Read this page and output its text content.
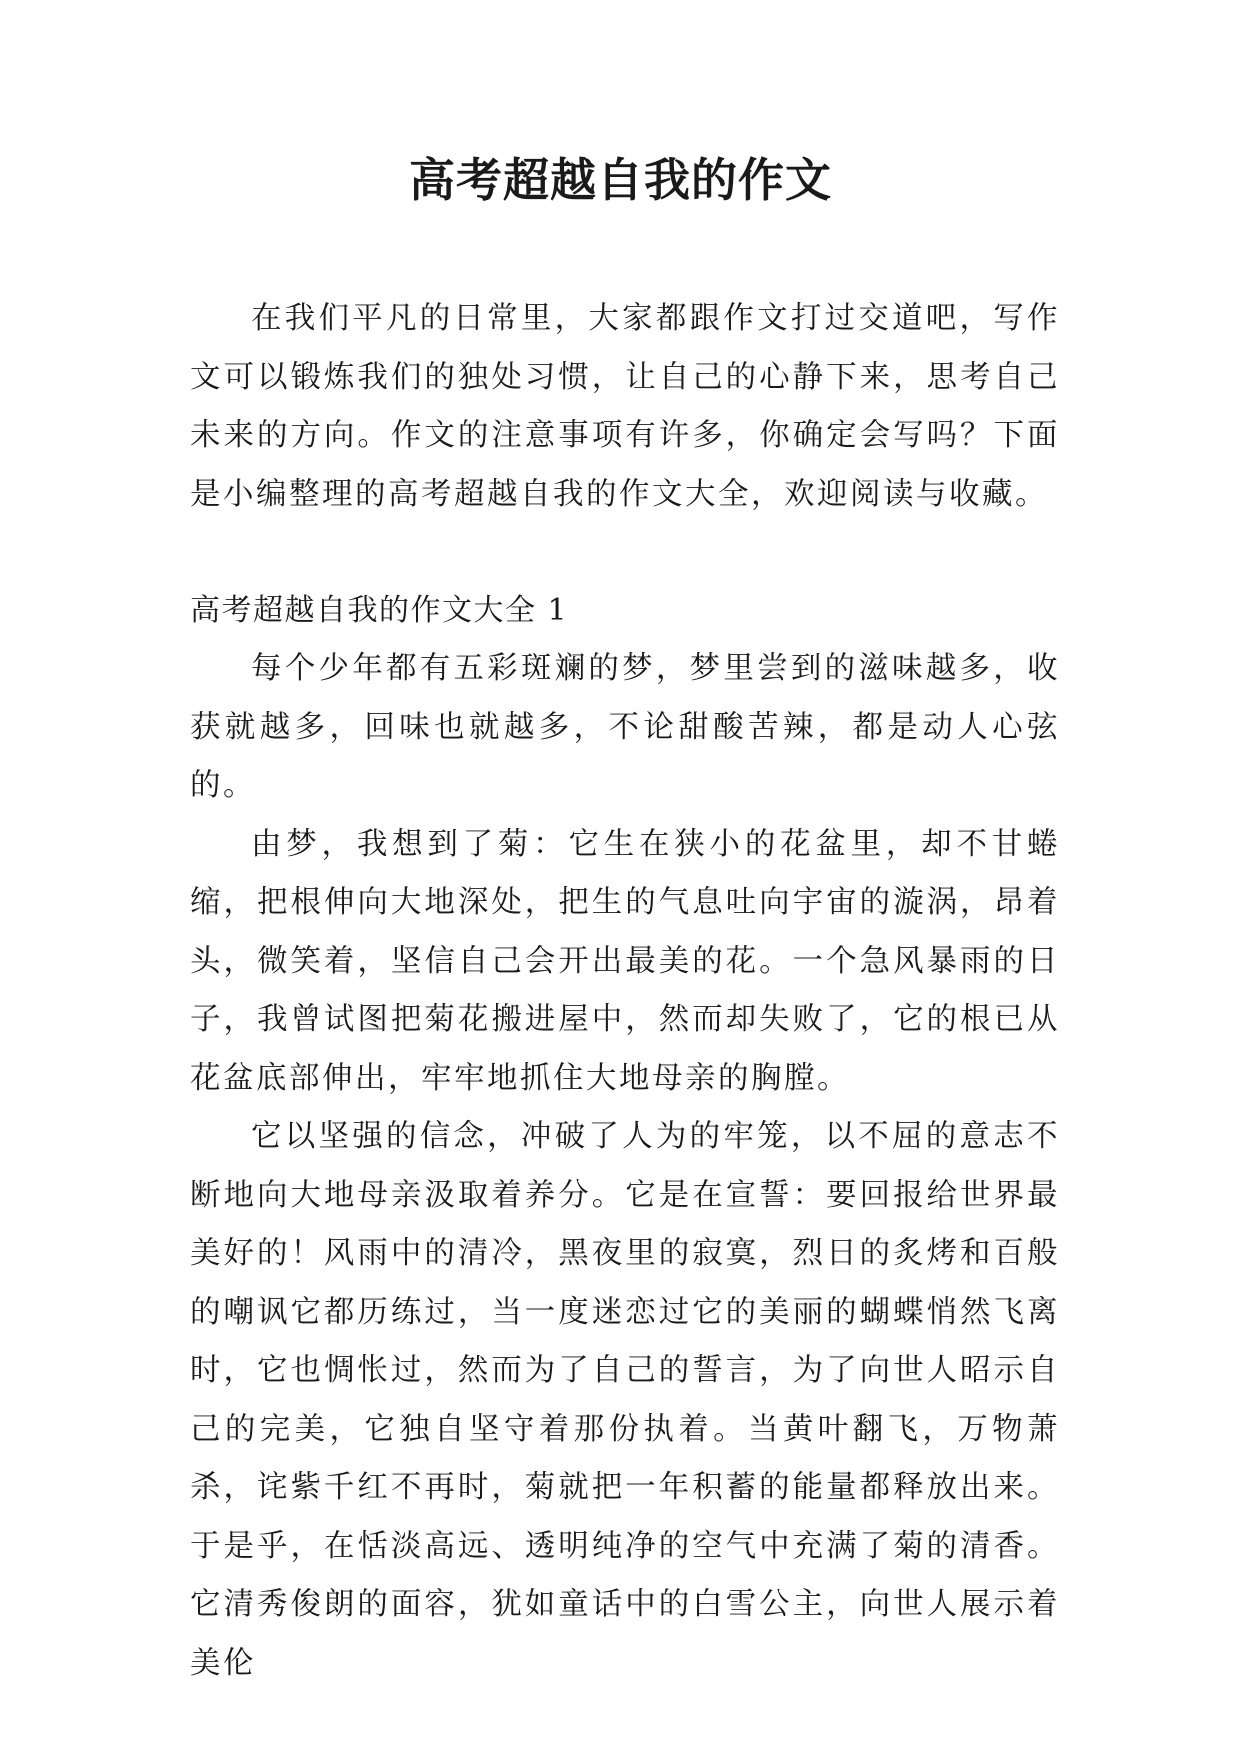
高考超越自我的作文

在我们平凡的日常里，大家都跟作文打过交道吧，写作文可以锻炼我们的独处习惯，让自己的心静下来，思考自己未来的方向。作文的注意事项有许多，你确定会写吗？下面是小编整理的高考超越自我的作文大全，欢迎阅读与收藏。

高考超越自我的作文大全 1

每个少年都有五彩斑斓的梦，梦里尝到的滋味越多，收获就越多，回味也就越多，不论甜酸苦辣，都是动人心弦的。

由梦，我想到了菊：它生在狭小的花盆里，却不甘蜷缩，把根伸向大地深处，把生的气息吐向宇宙的漩涡，昂着头，微笑着，坚信自己会开出最美的花。一个急风暴雨的日子，我曾试图把菊花搬进屋中，然而却失败了，它的根已从花盆底部伸出，牢牢地抓住大地母亲的胸膛。

它以坚强的信念，冲破了人为的牢笼，以不屈的意志不断地向大地母亲汲取着养分。它是在宣誓：要回报给世界最美好的！风雨中的清冷，黑夜里的寂寞，烈日的炙烤和百般的嘲讽它都历练过，当一度迷恋过它的美丽的蝴蝶悄然飞离时，它也惆怅过，然而为了自己的誓言，为了向世人昭示自己的完美，它独自坚守着那份执着。当黄叶翻飞，万物萧杀，诧紫千红不再时，菊就把一年积蓄的能量都释放出来。于是乎，在恬淡高远、透明纯净的空气中充满了菊的清香。它清秀俊朗的面容，犹如童话中的白雪公主，向世人展示着美伦
